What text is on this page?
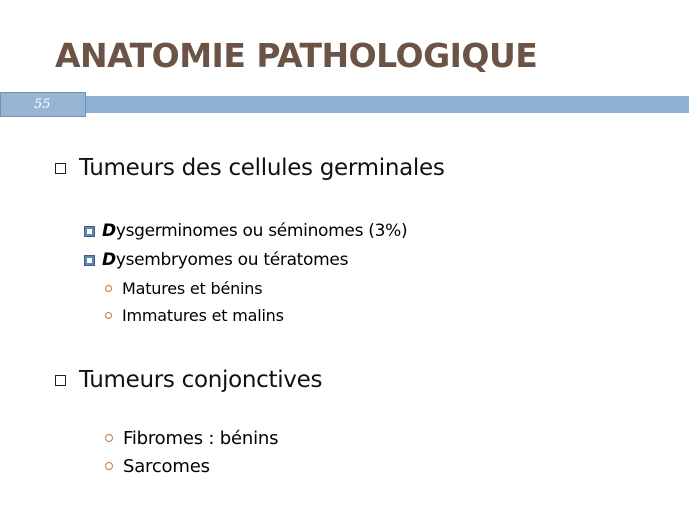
ANATOMIE PATHOLOGIQUE
55
Tumeurs des cellules germinales
Dysgerminomes ou séminomes (3%)
Dysembryomes ou tératomes
Matures et bénins
Immatures et malins
Tumeurs conjonctives
Fibromes : bénins
Sarcomes
